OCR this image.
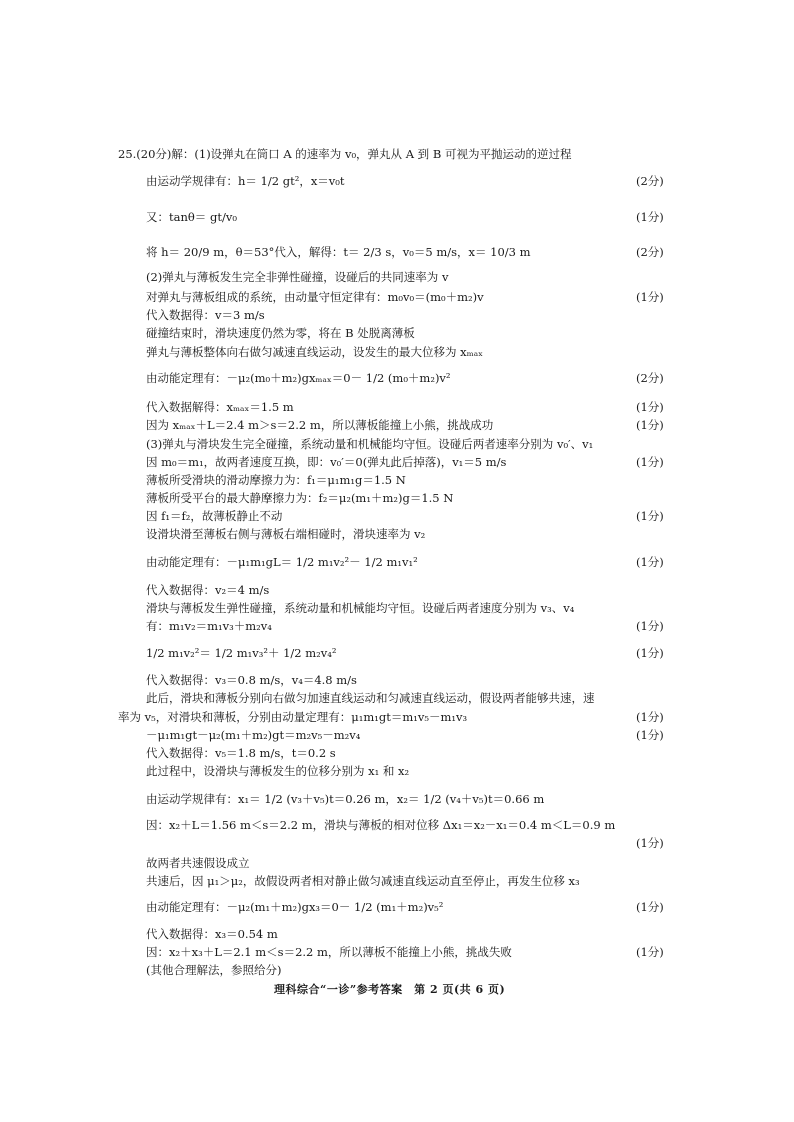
25.(20分)解：(1)设弹丸在筒口 A 的速率为 v₀，弹丸从 A 到 B 可视为平抛运动的逆过程
由运动学规律有：h＝ 1/2 gt²，x＝v₀t	(2分)
又：tanθ＝ gt/v₀	(1分)
将 h＝ 20/9 m，θ＝53°代入，解得：t＝ 2/3 s，v₀＝5 m/s，x＝ 10/3 m	(2分)
(2)弹丸与薄板发生完全非弹性碰撞，设碰后的共同速率为 v
对弹丸与薄板组成的系统，由动量守恒定律有：m₀v₀＝(m₀＋m₂)v	(1分)
代入数据得：v＝3 m/s
碰撞结束时，滑块速度仍然为零，将在 B 处脱离薄板
弹丸与薄板整体向右做匀减速直线运动，设发生的最大位移为 xₘₐₓ
由动能定理有：－μ₂(m₀＋m₂)gxₘₐₓ＝0－ 1/2 (m₀＋m₂)v²	(2分)
代入数据解得：xₘₐₓ＝1.5 m	(1分)
因为 xₘₐₓ＋L＝2.4 m＞s＝2.2 m，所以薄板能撞上小熊，挑战成功	(1分)
(3)弹丸与滑块发生完全碰撞，系统动量和机械能均守恒。设碰后两者速率分别为 v₀′、v₁
因 m₀＝m₁，故两者速度互换，即：v₀′＝0(弹丸此后掉落)，v₁＝5 m/s	(1分)
薄板所受滑块的滑动摩擦力为：f₁＝μ₁m₁g＝1.5 N
薄板所受平台的最大静摩擦力为：f₂＝μ₂(m₁＋m₂)g＝1.5 N
因 f₁＝f₂，故薄板静止不动	(1分)
设滑块滑至薄板右侧与薄板右端相碰时，滑块速率为 v₂
由动能定理有：－μ₁m₁gL＝ 1/2 m₁v₂²－ 1/2 m₁v₁²	(1分)
代入数据得：v₂＝4 m/s
滑块与薄板发生弹性碰撞，系统动量和机械能均守恒。设碰后两者速度分别为 v₃、v₄
有：m₁v₂＝m₁v₃＋m₂v₄	(1分)
1/2 m₁v₂²＝ 1/2 m₁v₃²＋ 1/2 m₂v₄²	(1分)
代入数据得：v₃＝0.8 m/s，v₄＝4.8 m/s
此后，滑块和薄板分别向右做匀加速直线运动和匀减速直线运动，假设两者能够共速，速
率为 v₅，对滑块和薄板，分别由动量定理有：μ₁m₁gt＝m₁v₅－m₁v₃	(1分)
－μ₁m₁gt－μ₂(m₁＋m₂)gt＝m₂v₅－m₂v₄	(1分)
代入数据得：v₅＝1.8 m/s，t＝0.2 s
此过程中，设滑块与薄板发生的位移分别为 x₁ 和 x₂
由运动学规律有：x₁＝ 1/2 (v₃＋v₅)t＝0.26 m，x₂＝ 1/2 (v₄＋v₅)t＝0.66 m
因：x₂＋L＝1.56 m＜s＝2.2 m，滑块与薄板的相对位移 Δx₁＝x₂－x₁＝0.4 m＜L＝0.9 m
(1分)
故两者共速假设成立
共速后，因 μ₁＞μ₂，故假设两者相对静止做匀减速直线运动直至停止，再发生位移 x₃
由动能定理有：－μ₂(m₁＋m₂)gx₃＝0－ 1/2 (m₁＋m₂)v₅²	(1分)
代入数据得：x₃＝0.54 m
因：x₂＋x₃＋L＝2.1 m＜s＝2.2 m，所以薄板不能撞上小熊，挑战失败	(1分)
(其他合理解法，参照给分)
理科综合“一诊”参考答案　第 2 页(共 6 页)
